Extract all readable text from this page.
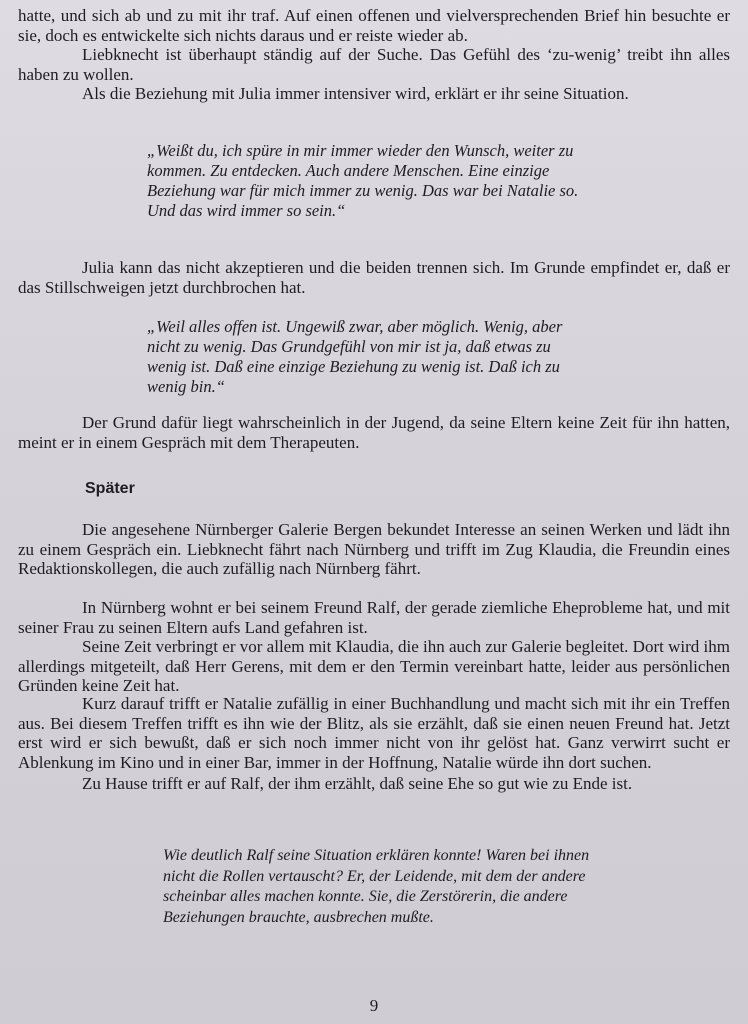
hatte, und sich ab und zu mit ihr traf. Auf einen offenen und vielversprechenden Brief hin besuchte er sie, doch es entwickelte sich nichts daraus und er reiste wieder ab.

Liebknecht ist überhaupt ständig auf der Suche. Das Gefühl des ‘zu-wenig’ treibt ihn alles haben zu wollen.

Als die Beziehung mit Julia immer intensiver wird, erklärt er ihr seine Situation.

„Weißt du, ich spüre in mir immer wieder den Wunsch, weiter zu kommen. Zu entdecken. Auch andere Menschen. Eine einzige Beziehung war für mich immer zu wenig. Das war bei Natalie so. Und das wird immer so sein.“

Julia kann das nicht akzeptieren und die beiden trennen sich. Im Grunde empfindet er, daß er das Stillschweigen jetzt durchbrochen hat.

„Weil alles offen ist. Ungewiß zwar, aber möglich. Wenig, aber nicht zu wenig. Das Grundgefühl von mir ist ja, daß etwas zu wenig ist. Daß eine einzige Beziehung zu wenig ist. Daß ich zu wenig bin.“

Der Grund dafür liegt wahrscheinlich in der Jugend, da seine Eltern keine Zeit für ihn hatten, meint er in einem Gespräch mit dem Therapeuten.

Später

Die angesehene Nürnberger Galerie Bergen bekundet Interesse an seinen Werken und lädt ihn zu einem Gespräch ein. Liebknecht fährt nach Nürnberg und trifft im Zug Klaudia, die Freundin eines Redaktionskollegen, die auch zufällig nach Nürnberg fährt.

In Nürnberg wohnt er bei seinem Freund Ralf, der gerade ziemliche Eheprobleme hat, und mit seiner Frau zu seinen Eltern aufs Land gefahren ist.

Seine Zeit verbringt er vor allem mit Klaudia, die ihn auch zur Galerie begleitet. Dort wird ihm allerdings mitgeteilt, daß Herr Gerens, mit dem er den Termin vereinbart hatte, leider aus persönlichen Gründen keine Zeit hat.

Kurz darauf trifft er Natalie zufällig in einer Buchhandlung und macht sich mit ihr ein Treffen aus. Bei diesem Treffen trifft es ihn wie der Blitz, als sie erzählt, daß sie einen neuen Freund hat. Jetzt erst wird er sich bewußt, daß er sich noch immer nicht von ihr gelöst hat. Ganz verwirrt sucht er Ablenkung im Kino und in einer Bar, immer in der Hoffnung, Natalie würde ihn dort suchen.

Zu Hause trifft er auf Ralf, der ihm erzählt, daß seine Ehe so gut wie zu Ende ist.

Wie deutlich Ralf seine Situation erklären konnte! Waren bei ihnen nicht die Rollen vertauscht? Er, der Leidende, mit dem der andere scheinbar alles machen konnte. Sie, die Zerstörerin, die andere Beziehungen brauchte, ausbrechen mußte.

9
